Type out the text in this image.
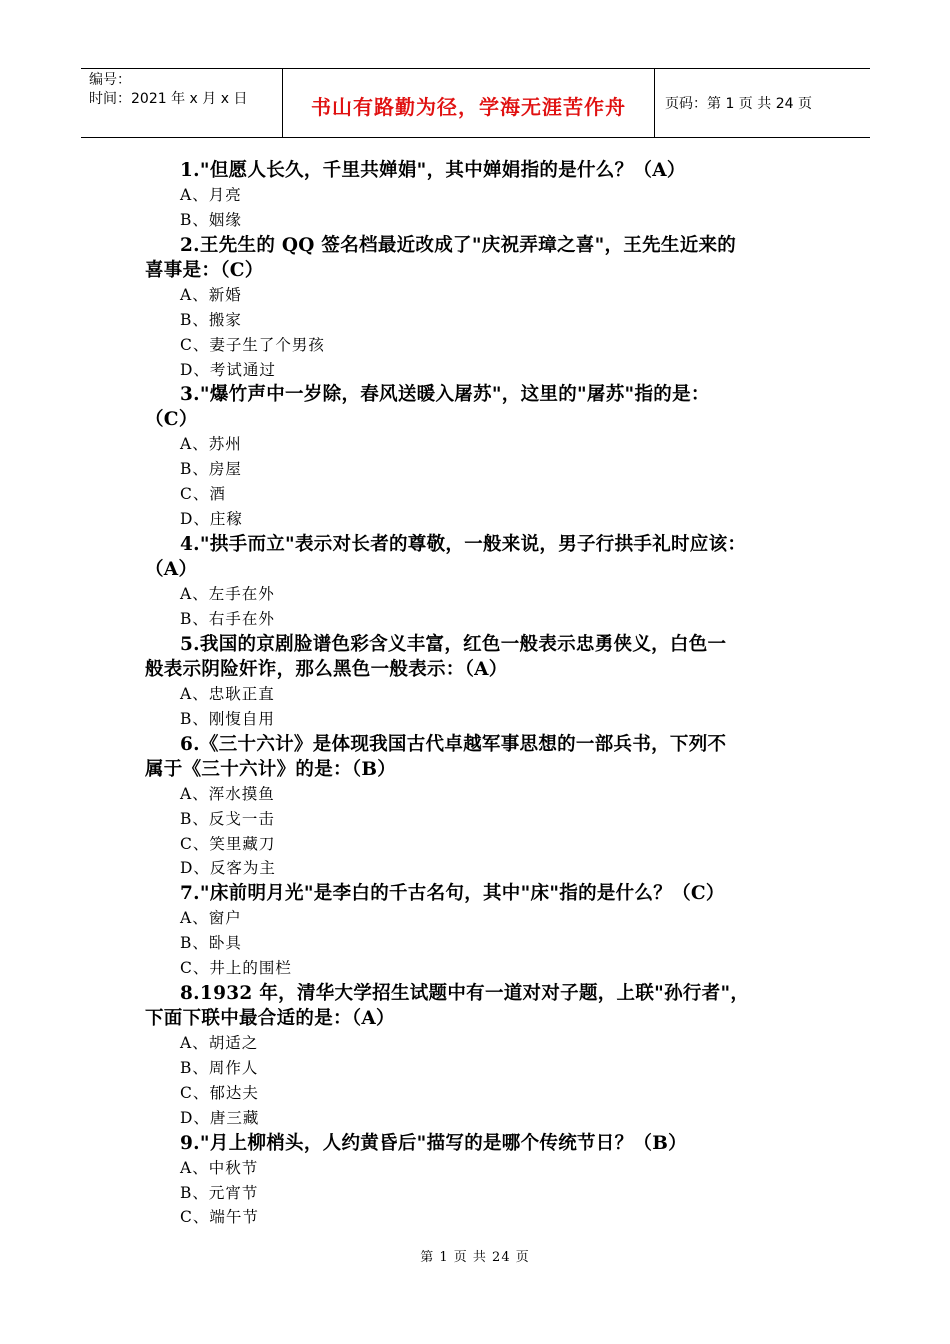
编号：
时间：2021 年 x 月 x 日	书山有路勤为径，学海无涯苦作舟	页码：第 1 页 共 24 页

1."但愿人长久，千里共婵娟"，其中婵娟指的是什么？（A）

A、月亮

B、姻缘

2.王先生的 QQ 签名档最近改成了"庆祝弄璋之喜"，王先生近来的
喜事是：（C）

A、新婚

B、搬家

C、妻子生了个男孩

D、考试通过

3."爆竹声中一岁除，春风送暖入屠苏"，这里的"屠苏"指的是：
（C）

A、苏州

B、房屋

C、酒

D、庄稼

4."拱手而立"表示对长者的尊敬，一般来说，男子行拱手礼时应该：
（A）

A、左手在外

B、右手在外

5.我国的京剧脸谱色彩含义丰富，红色一般表示忠勇侠义，白色一
般表示阴险奸诈，那么黑色一般表示：（A）

A、忠耿正直

B、刚愎自用

6.《三十六计》是体现我国古代卓越军事思想的一部兵书，下列不
属于《三十六计》的是：（B）

A、浑水摸鱼

B、反戈一击

C、笑里藏刀

D、反客为主

7."床前明月光"是李白的千古名句，其中"床"指的是什么？（C）

A、窗户

B、卧具

C、井上的围栏

8.1932 年，清华大学招生试题中有一道对对子题，上联"孙行者"，
下面下联中最合适的是：（A）

A、胡适之

B、周作人

C、郁达夫

D、唐三藏

9."月上柳梢头，人约黄昏后"描写的是哪个传统节日？（B）

A、中秋节

B、元宵节

C、端午节

第 1 页 共 24 页
